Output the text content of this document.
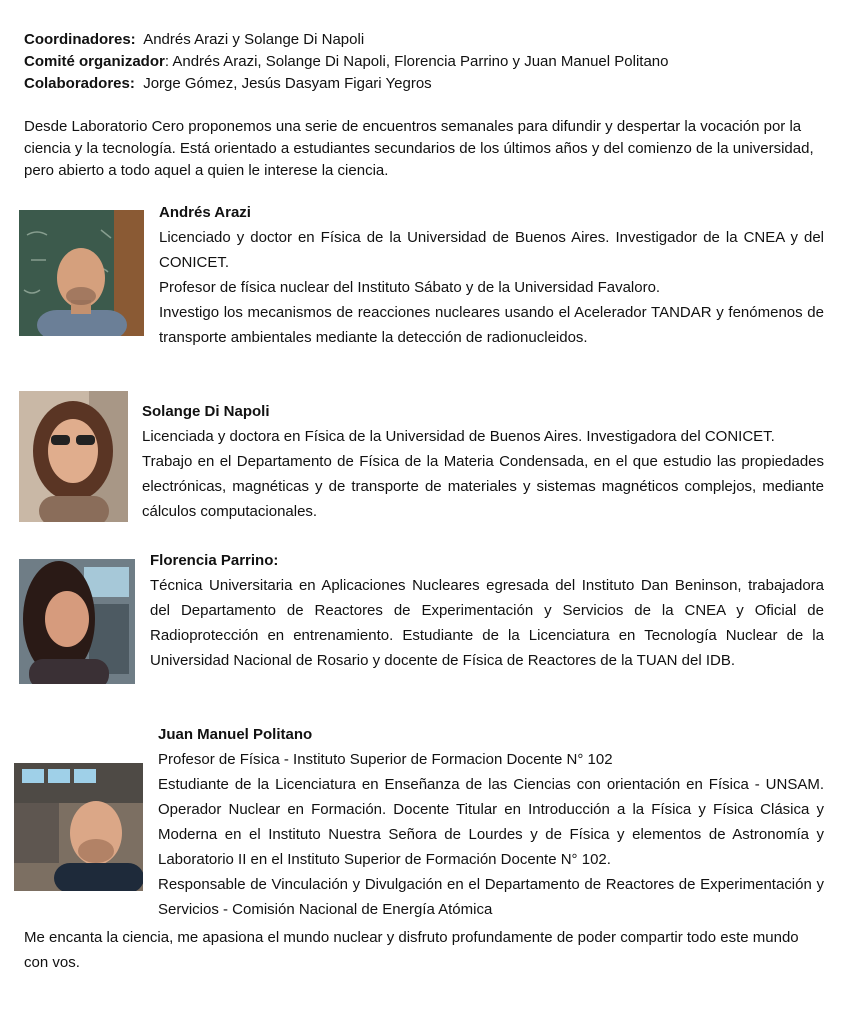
Coordinadores: Andrés Arazi y Solange Di Napoli
Comité organizador: Andrés Arazi, Solange Di Napoli, Florencia Parrino y Juan Manuel Politano
Colaboradores: Jorge Gómez, Jesús Dasyam Figari Yegros
Desde Laboratorio Cero proponemos una serie de encuentros semanales para difundir y despertar la vocación por la ciencia y la tecnología. Está orientado a estudiantes secundarios de los últimos años y del comienzo de la universidad, pero abierto a todo aquel a quien le interese la ciencia.
Andrés Arazi

Licenciado y doctor en Física de la Universidad de Buenos Aires. Investigador de la CNEA y del CONICET.

Profesor de física nuclear del Instituto Sábato y de la Universidad Favaloro.

Investigo los mecanismos de reacciones nucleares usando el Acelerador TANDAR y fenómenos de transporte ambientales mediante la detección de radionucleidos.

Solange Di Napoli

Licenciada y doctora en Física de la Universidad de Buenos Aires. Investigadora del CONICET.

Trabajo en el Departamento de Física de la Materia Condensada, en el que estudio las propiedades electrónicas, magnéticas y de transporte de materiales y sistemas magnéticos complejos, mediante cálculos computacionales.

Florencia Parrino:

Técnica Universitaria en Aplicaciones Nucleares egresada del Instituto Dan Beninson, trabajadora del Departamento de Reactores de Experimentación y Servicios de la CNEA y Oficial de Radioprotección en entrenamiento. Estudiante de la Licenciatura en Tecnología Nuclear de la Universidad Nacional de Rosario y docente de Física de Reactores de la TUAN del IDB.

Juan Manuel Politano

Profesor de Física - Instituto Superior de Formacion Docente N° 102

Estudiante de la Licenciatura en Enseñanza de las Ciencias con orientación en Física - UNSAM. Operador Nuclear en Formación. Docente Titular en Introducción a la Física y Física Clásica y Moderna en el Instituto Nuestra Señora de Lourdes y de Física y elementos de Astronomía y Laboratorio II en el Instituto Superior de Formación Docente N° 102.

Responsable de Vinculación y Divulgación en el Departamento de Reactores de Experimentación y Servicios - Comisión Nacional de Energía Atómica

Me encanta la ciencia, me apasiona el mundo nuclear y disfruto profundamente de poder compartir todo este mundo con vos.
